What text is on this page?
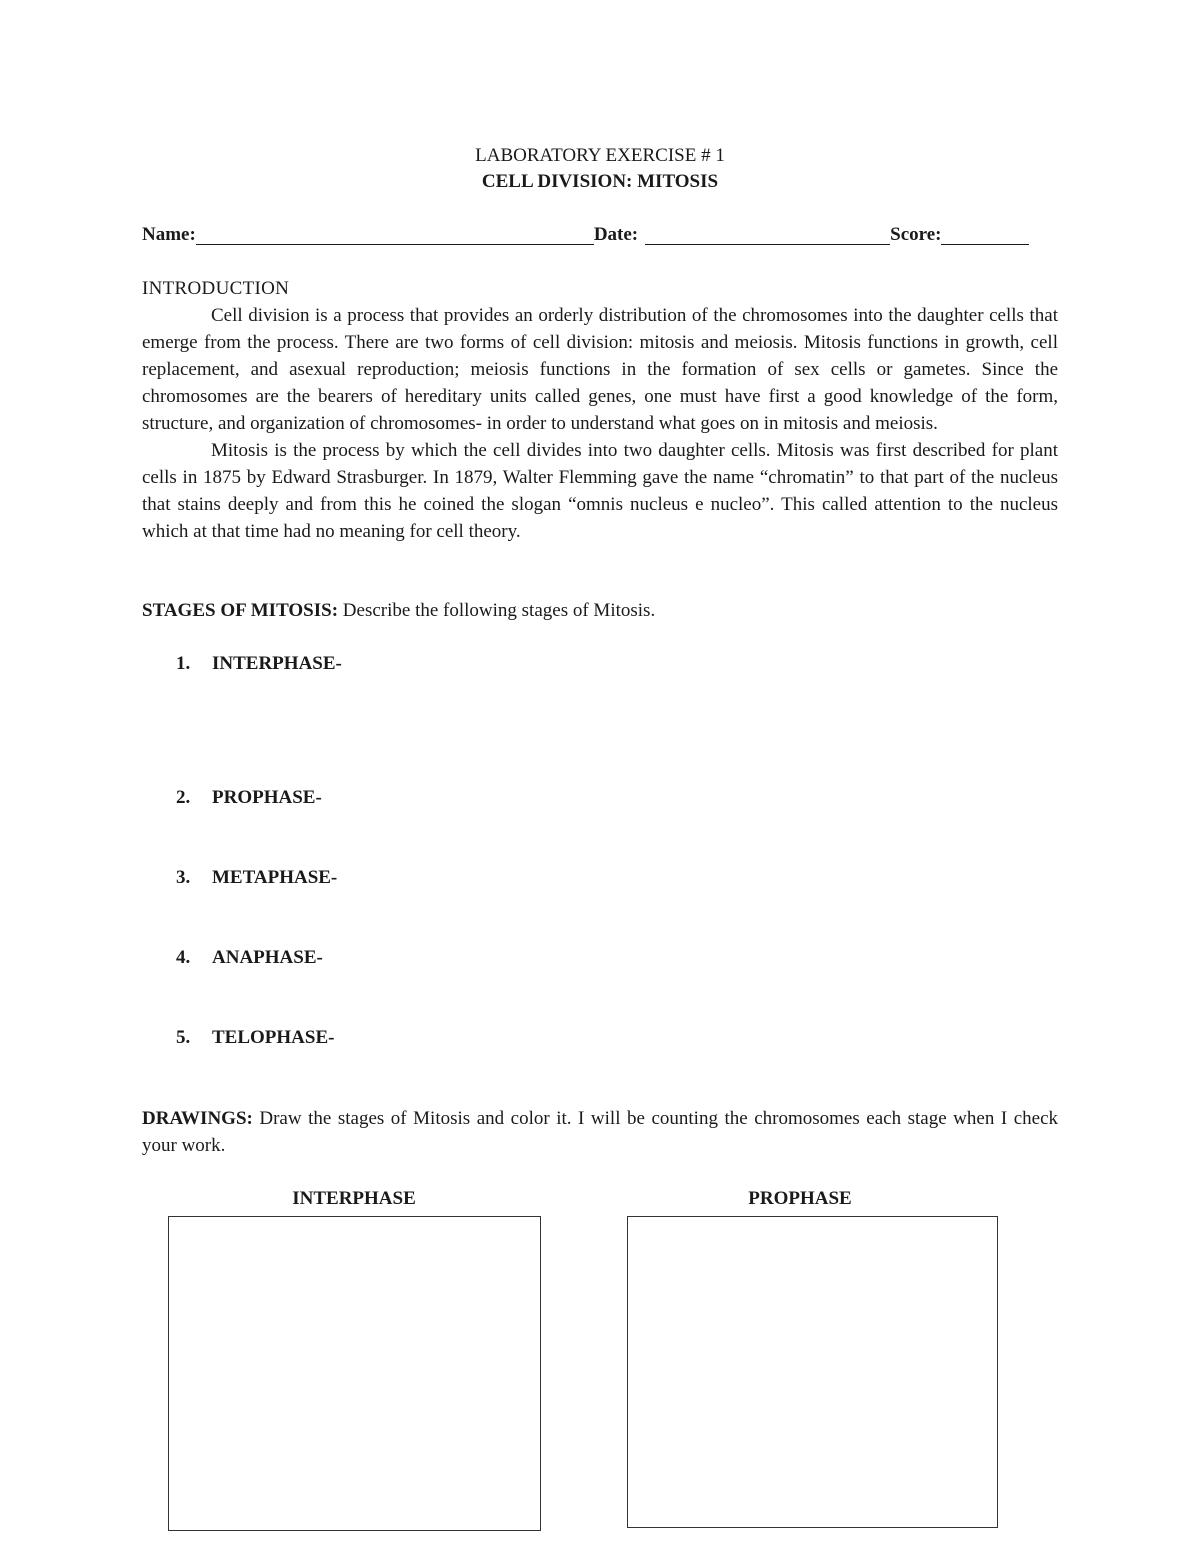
LABORATORY EXERCISE # 1
CELL DIVISION: MITOSIS
Name:	Date:	Score:
INTRODUCTION

Cell division is a process that provides an orderly distribution of the chromosomes into the daughter cells that emerge from the process. There are two forms of cell division: mitosis and meiosis. Mitosis functions in growth, cell replacement, and asexual reproduction; meiosis functions in the formation of sex cells or gametes. Since the chromosomes are the bearers of hereditary units called genes, one must have first a good knowledge of the form, structure, and organization of chromosomes- in order to understand what goes on in mitosis and meiosis.

Mitosis is the process by which the cell divides into two daughter cells. Mitosis was first described for plant cells in 1875 by Edward Strasburger. In 1879, Walter Flemming gave the name “chromatin” to that part of the nucleus that stains deeply and from this he coined the slogan “omnis nucleus e nucleo”. This called attention to the nucleus which at that time had no meaning for cell theory.

STAGES OF MITOSIS: Describe the following stages of Mitosis.
1. INTERPHASE-
2. PROPHASE-
3. METAPHASE-
4. ANAPHASE-
5. TELOPHASE-
DRAWINGS: Draw the stages of Mitosis and color it. I will be counting the chromosomes each stage when I check your work.
INTERPHASE	PROPHASE
